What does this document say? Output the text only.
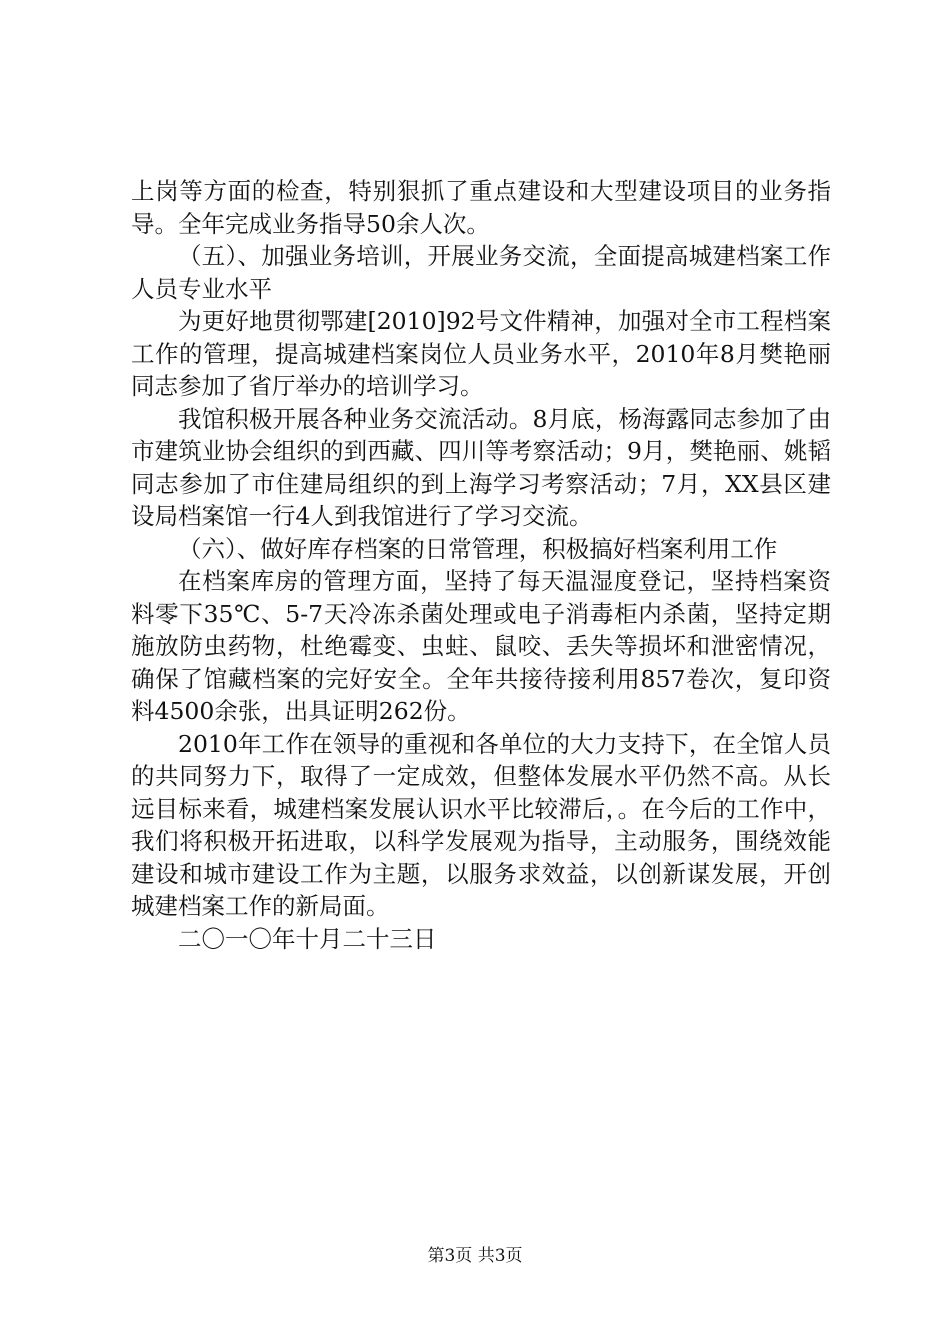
上岗等方面的检查，特别狠抓了重点建设和大型建设项目的业务指导。全年完成业务指导50余人次。

（五）、加强业务培训，开展业务交流，全面提高城建档案工作人员专业水平

为更好地贯彻鄂建[2010]92号文件精神，加强对全市工程档案工作的管理，提高城建档案岗位人员业务水平，2010年8月樊艳丽同志参加了省厅举办的培训学习。

我馆积极开展各种业务交流活动。8月底，杨海露同志参加了由市建筑业协会组织的到西藏、四川等考察活动；9月，樊艳丽、姚韬同志参加了市住建局组织的到上海学习考察活动；7月，XX县区建设局档案馆一行4人到我馆进行了学习交流。

（六）、做好库存档案的日常管理，积极搞好档案利用工作

在档案库房的管理方面，坚持了每天温湿度登记，坚持档案资料零下35℃、5-7天冷冻杀菌处理或电子消毒柜内杀菌，坚持定期施放防虫药物，杜绝霉变、虫蛀、鼠咬、丢失等损坏和泄密情况，确保了馆藏档案的完好安全。全年共接待接利用857卷次，复印资料4500余张，出具证明262份。

2010年工作在领导的重视和各单位的大力支持下，在全馆人员的共同努力下，取得了一定成效，但整体发展水平仍然不高。从长远目标来看，城建档案发展认识水平比较滞后，。在今后的工作中，我们将积极开拓进取，以科学发展观为指导，主动服务，围绕效能建设和城市建设工作为主题，以服务求效益，以创新谋发展，开创城建档案工作的新局面。

二〇一〇年十月二十三日

第3页 共3页
